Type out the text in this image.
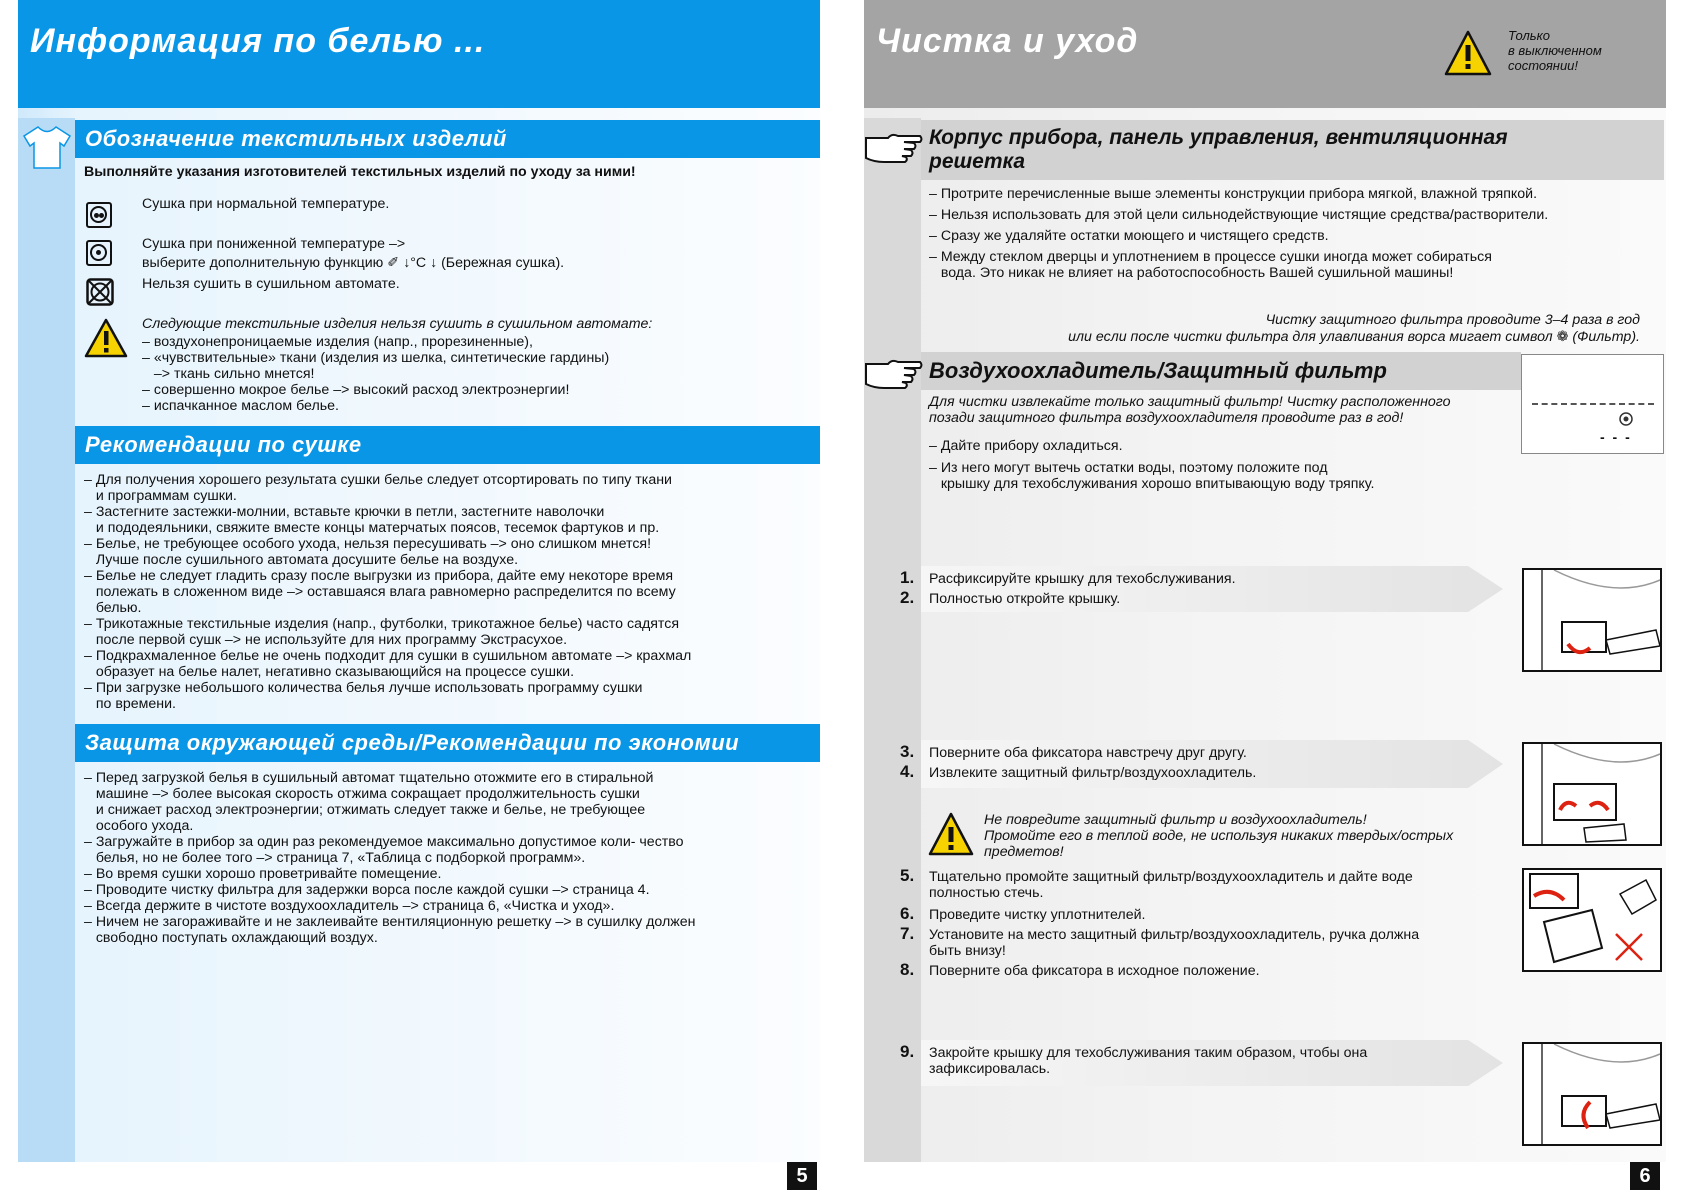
Информация по белью ...
Обозначение текстильных изделий
Выполняйте указания изготовителей текстильных изделий по уходу за ними!
Сушка при нормальной температуре.
Сушка при пониженной температуре –>
выберите дополнительную функцию ✐ ↓°C ↓ (Бережная сушка).
Нельзя сушить в сушильном автомате.
Следующие текстильные изделия нельзя сушить в сушильном автомате:
– воздухонепроницаемые изделия (напр., прорезиненные),
– «чувствительные» ткани (изделия из шелка, синтетические гардины)
–> ткань сильно мнется!
– совершенно мокрое белье –> высокий расход электроэнергии!
– испачканное маслом белье.
Рекомендации по сушке
– Для получения хорошего результата сушки белье следует отсортировать по типу ткани
и программам сушки.
– Застегните застежки-молнии, вставьте крючки в петли, застегните наволочки
и пододеяльники, свяжите вместе концы матерчатых поясов, тесемок фартуков и пр.
– Белье, не требующее особого ухода, нельзя пересушивать –> оно слишком мнется!
Лучше после сушильного автомата досушите белье на воздухе.
– Белье не следует гладить сразу после выгрузки из прибора, дайте ему некоторе время
полежать в сложенном виде –> оставшаяся влага равномерно распределится по всему
белью.
– Трикотажные текстильные изделия (напр., футболки, трикотажное белье) часто садятся
после первой сушк –> не используйте для них программу Экстрасухое.
– Подкрахмаленное белье не очень подходит для сушки в сушильном автомате –> крахмал
образует на белье налет, негативно сказывающийся на процессе сушки.
– При загрузке небольшого количества белья лучше использовать программу сушки
по времени.
Защита окружающей среды/Рекомендации по экономии
– Перед загрузкой белья в сушильный автомат тщательно отожмите его в стиральной
машине –> более высокая скорость отжима сокращает продолжительность сушки
и снижает расход электроэнергии; отжимать следует также и белье, не требующее
особого ухода.
– Загружайте в прибор за один раз рекомендуемое максимально допустимое коли- чество
белья, но не более того –> страница 7, «Таблица с подборкой программ».
– Во время сушки хорошо проветривайте помещение.
– Проводите чистку фильтра для задержки ворса после каждой сушки –> страница 4.
– Всегда держите в чистоте воздухоохладитель –> страница 6, «Чистка и уход».
– Ничем не загораживайте и не заклеивайте вентиляционную решетку –> в сушилку должен
свободно поступать охлаждающий воздух.
5
Чистка и уход	Только
в выключенном
состоянии!
Корпус прибора, панель управления, вентиляционная
решетка
– Протрите перечисленные выше элементы конструкции прибора мягкой, влажной тряпкой.
– Нельзя использовать для этой цели сильнодействующие чистящие средства/растворители.
– Сразу же удаляйте остатки моющего и чистящего средств.
– Между стеклом дверцы и уплотнением в процессе сушки иногда может собираться
вода. Это никак не влияет на работоспособность Вашей сушильной машины!
Чистку защитного фильтра проводите 3–4 раза в год
или если после чистки фильтра для улавливания ворса мигает символ ❁ (Фильтр).
Воздухоохладитель/Защитный фильтр
- - -
Для чистки извлекайте только защитный фильтр! Чистку расположенного
позади защитного фильтра воздухоохладителя проводите раз в год!
– Дайте прибору охладиться.
– Из него могут вытечь остатки воды, поэтому положите под
крышку для техобслуживания хорошо впитывающую воду тряпку.
1. Расфиксируйте крышку для техобслуживания.
2. Полностью откройте крышку.
3. Поверните оба фиксатора навстречу друг другу.
4. Извлеките защитный фильтр/воздухоохладитель.
Не повредите защитный фильтр и воздухоохладитель!
Промойте его в теплой воде, не используя никаких твердых/острых
предметов!
5. Тщательно промойте защитный фильтр/воздухоохладитель и дайте воде
полностью стечь.
6. Проведите чистку уплотнителей.
7. Установите на место защитный фильтр/воздухоохладитель, ручка должна
быть внизу!
8. Поверните оба фиксатора в исходное положение.
9. Закройте крышку для техобслуживания таким образом, чтобы она
зафиксировалась.
6
